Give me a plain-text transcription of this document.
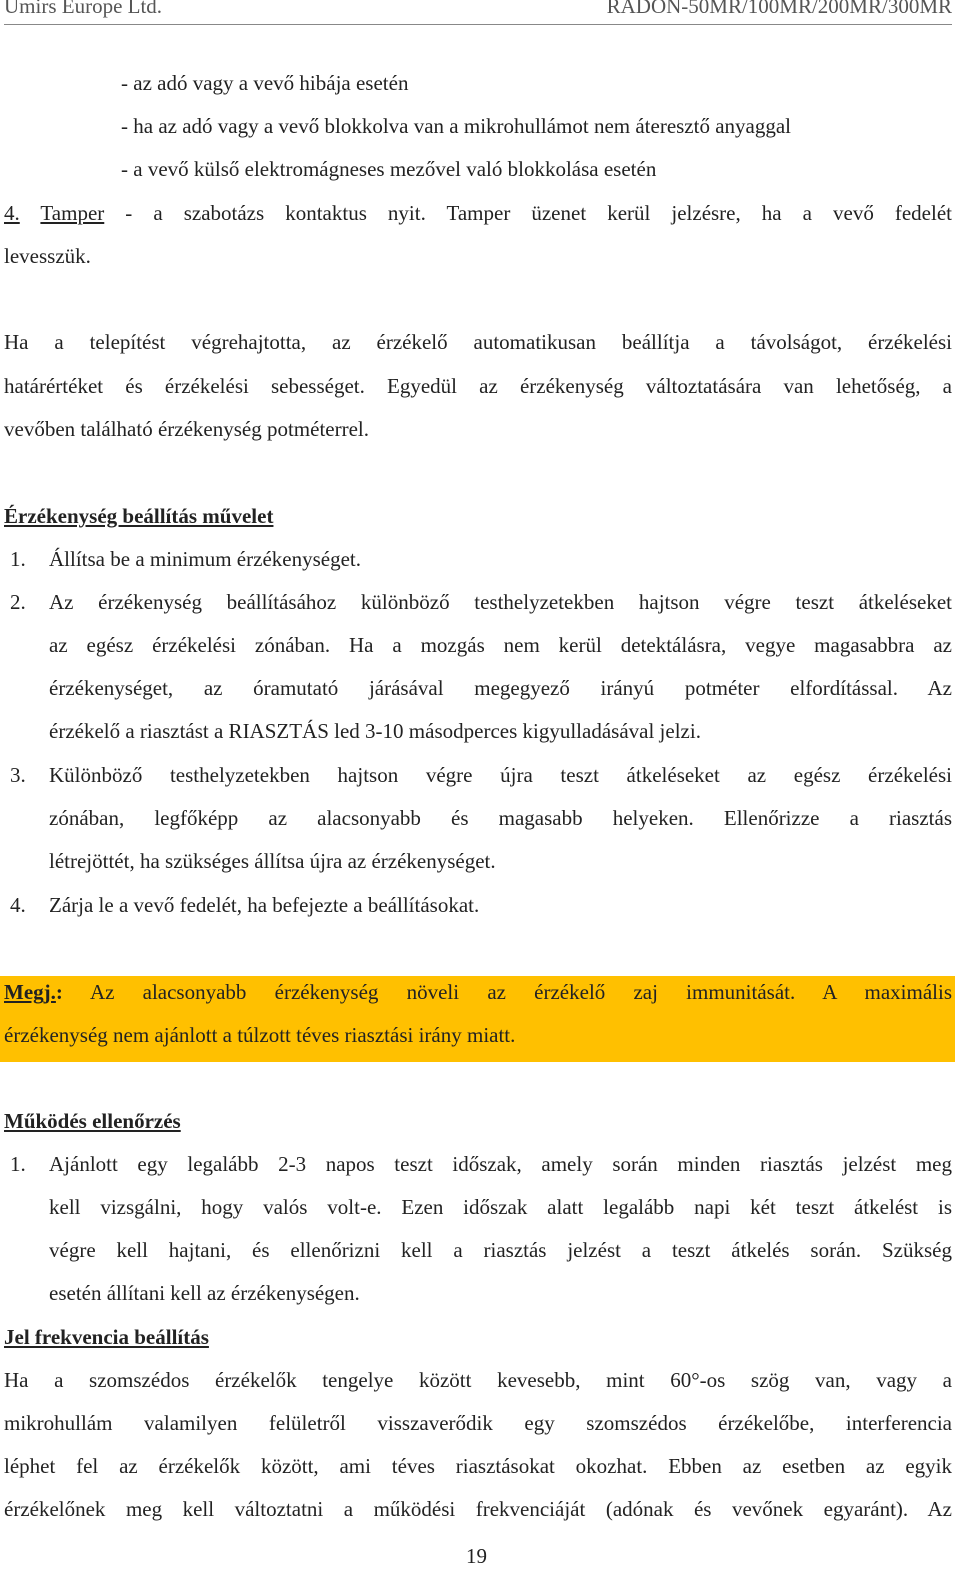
Umirs Europe Ltd.	RADON-50MR/100MR/200MR/300MR
- az adó vagy a vevő hibája esetén
- ha az adó vagy a vevő blokkolva van a mikrohullámot nem áteresztő anyaggal
- a vevő külső elektromágneses mezővel való blokkolása esetén
4. Tamper - a szabotázs kontaktus nyit. Tamper üzenet kerül jelzésre, ha a vevő fedelét
levesszük.
Ha a telepítést végrehajtotta, az érzékelő automatikusan beállítja a távolságot, érzékelési
határértéket és érzékelési sebességet. Egyedül az érzékenység változtatására van lehetőség, a
vevőben található érzékenység potméterrel.
Érzékenység beállítás művelet
1. Állítsa be a minimum érzékenységet.
2. Az érzékenység beállításához különböző testhelyzetekben hajtson végre teszt átkeléseket
az egész érzékelési zónában. Ha a mozgás nem kerül detektálásra, vegye magasabbra az
érzékenységet, az óramutató járásával megegyező irányú potméter elfordítással. Az
érzékelő a riasztást a RIASZTÁS led 3-10 másodperces kigyulladásával jelzi.
3. Különböző testhelyzetekben hajtson végre újra teszt átkeléseket az egész érzékelési
zónában, legfőképp az alacsonyabb és magasabb helyeken. Ellenőrizze a riasztás
létrejöttét, ha szükséges állítsa újra az érzékenységet.
4. Zárja le a vevő fedelét, ha befejezte a beállításokat.
Megj.: Az alacsonyabb érzékenység növeli az érzékelő zaj immunitását. A maximális
érzékenység nem ajánlott a túlzott téves riasztási irány miatt.
Működés ellenőrzés
1. Ajánlott egy legalább 2-3 napos teszt időszak, amely során minden riasztás jelzést meg
kell vizsgálni, hogy valós volt-e. Ezen időszak alatt legalább napi két teszt átkelést is
végre kell hajtani, és ellenőrizni kell a riasztás jelzést a teszt átkelés során. Szükség
esetén állítani kell az érzékenységen.
Jel frekvencia beállítás
Ha a szomszédos érzékelők tengelye között kevesebb, mint 60°-os szög van, vagy a
mikrohullám valamilyen felületről visszaverődik egy szomszédos érzékelőbe, interferencia
léphet fel az érzékelők között, ami téves riasztásokat okozhat. Ebben az esetben az egyik
érzékelőnek meg kell változtatni a működési frekvenciáját (adónak és vevőnek egyaránt). Az
19
